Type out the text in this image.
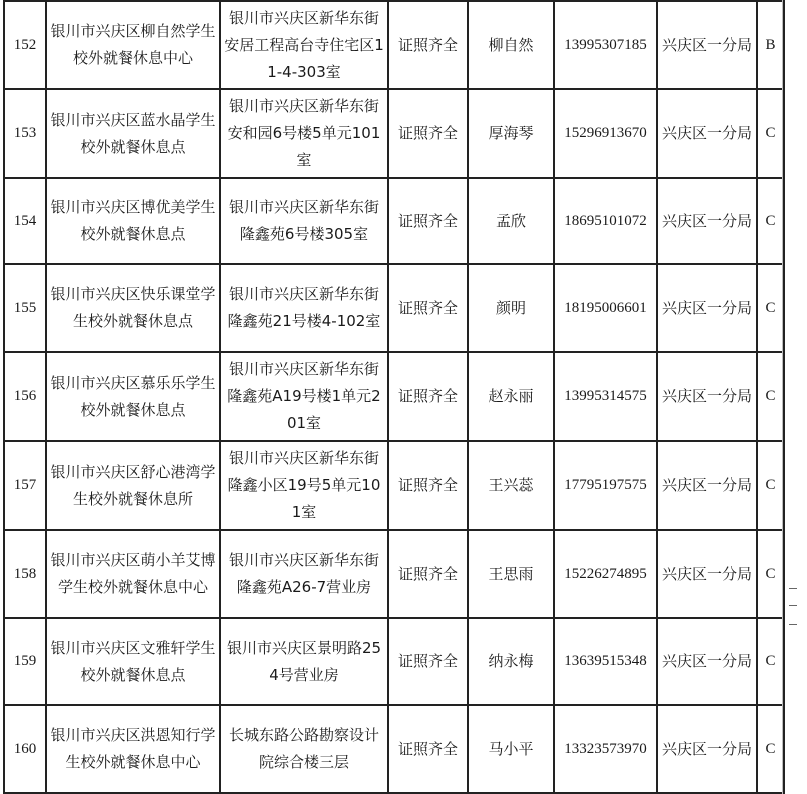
152	银川市兴庆区柳自然学生校外就餐休息中心	银川市兴庆区新华东街安居工程高台寺住宅区11-4-303室	证照齐全	柳自然	13995307185	兴庆区一分局	B
153	银川市兴庆区蓝水晶学生校外就餐休息点	银川市兴庆区新华东街安和园6号楼5单元101室	证照齐全	厚海琴	15296913670	兴庆区一分局	C
154	银川市兴庆区博优美学生校外就餐休息点	银川市兴庆区新华东街隆鑫苑6号楼305室	证照齐全	孟欣	18695101072	兴庆区一分局	C
155	银川市兴庆区快乐课堂学生校外就餐休息点	银川市兴庆区新华东街隆鑫苑21号楼4-102室	证照齐全	颜明	18195006601	兴庆区一分局	C
156	银川市兴庆区慕乐乐学生校外就餐休息点	银川市兴庆区新华东街隆鑫苑A19号楼1单元201室	证照齐全	赵永丽	13995314575	兴庆区一分局	C
157	银川市兴庆区舒心港湾学生校外就餐休息所	银川市兴庆区新华东街隆鑫小区19号5单元101室	证照齐全	王兴蕊	17795197575	兴庆区一分局	C
158	银川市兴庆区萌小羊艾博学生校外就餐休息中心	银川市兴庆区新华东街隆鑫苑A26-7营业房	证照齐全	王思雨	15226274895	兴庆区一分局	C
159	银川市兴庆区文雅轩学生校外就餐休息点	银川市兴庆区景明路254号营业房	证照齐全	纳永梅	13639515348	兴庆区一分局	C
160	银川市兴庆区洪恩知行学生校外就餐休息中心	长城东路公路勘察设计院综合楼三层	证照齐全	马小平	13323573970	兴庆区一分局	C
